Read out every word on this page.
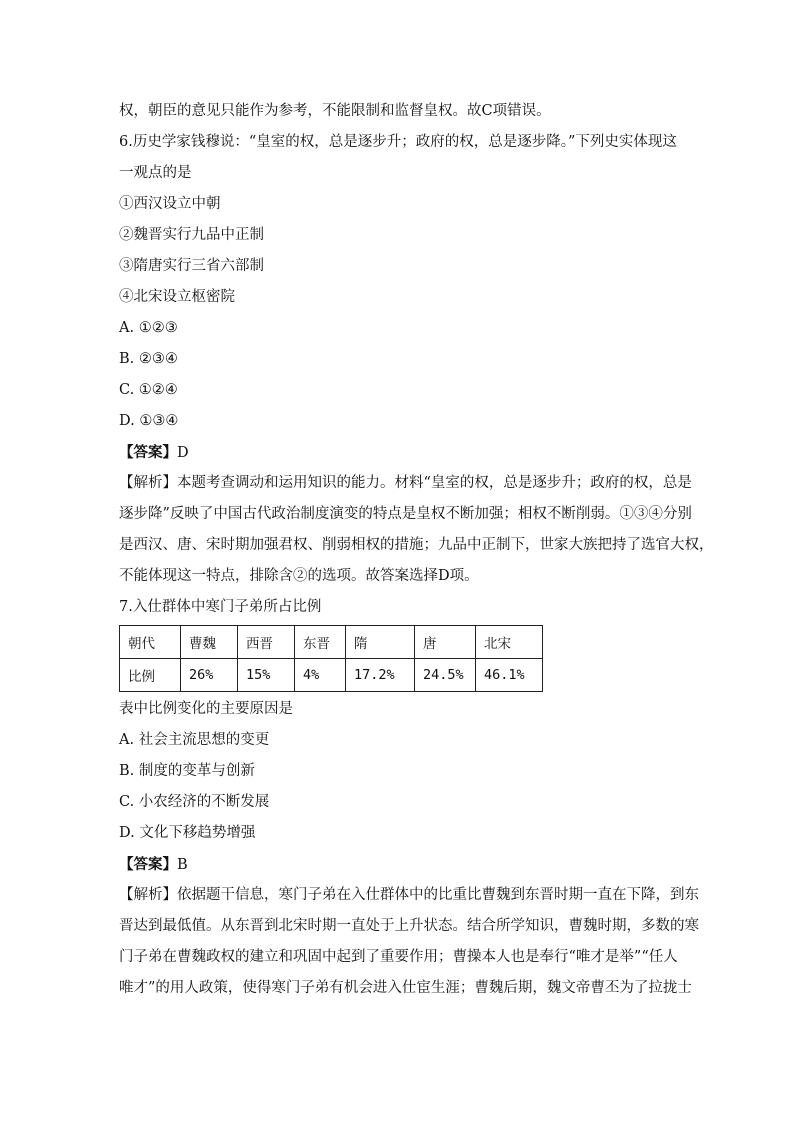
权，朝臣的意见只能作为参考，不能限制和监督皇权。故C项错误。
6.历史学家钱穆说：“皇室的权，总是逐步升；政府的权，总是逐步降。”下列史实体现这
一观点的是
①西汉设立中朝
②魏晋实行九品中正制
③隋唐实行三省六部制
④北宋设立枢密院
A. ①②③
B. ②③④
C. ①②④
D. ①③④
【答案】D
【解析】本题考查调动和运用知识的能力。材料“皇室的权，总是逐步升；政府的权，总是
逐步降”反映了中国古代政治制度演变的特点是皇权不断加强；相权不断削弱。①③④分别
是西汉、唐、宋时期加强君权、削弱相权的措施；九品中正制下，世家大族把持了选官大权，
不能体现这一特点，排除含②的选项。故答案选择D项。
7.入仕群体中寒门子弟所占比例
朝代	曹魏	西晋	东晋	隋	唐	北宋
比例	26%	15%	4%	17.2%	24.5%	46.1%
表中比例变化的主要原因是
A. 社会主流思想的变更
B. 制度的变革与创新
C. 小农经济的不断发展
D. 文化下移趋势增强
【答案】B
【解析】依据题干信息，寒门子弟在入仕群体中的比重比曹魏到东晋时期一直在下降，到东
晋达到最低值。从东晋到北宋时期一直处于上升状态。结合所学知识，曹魏时期，多数的寒
门子弟在曹魏政权的建立和巩固中起到了重要作用；曹操本人也是奉行“唯才是举”“任人
唯才”的用人政策，使得寒门子弟有机会进入仕宦生涯；曹魏后期，魏文帝曹丕为了拉拢士
